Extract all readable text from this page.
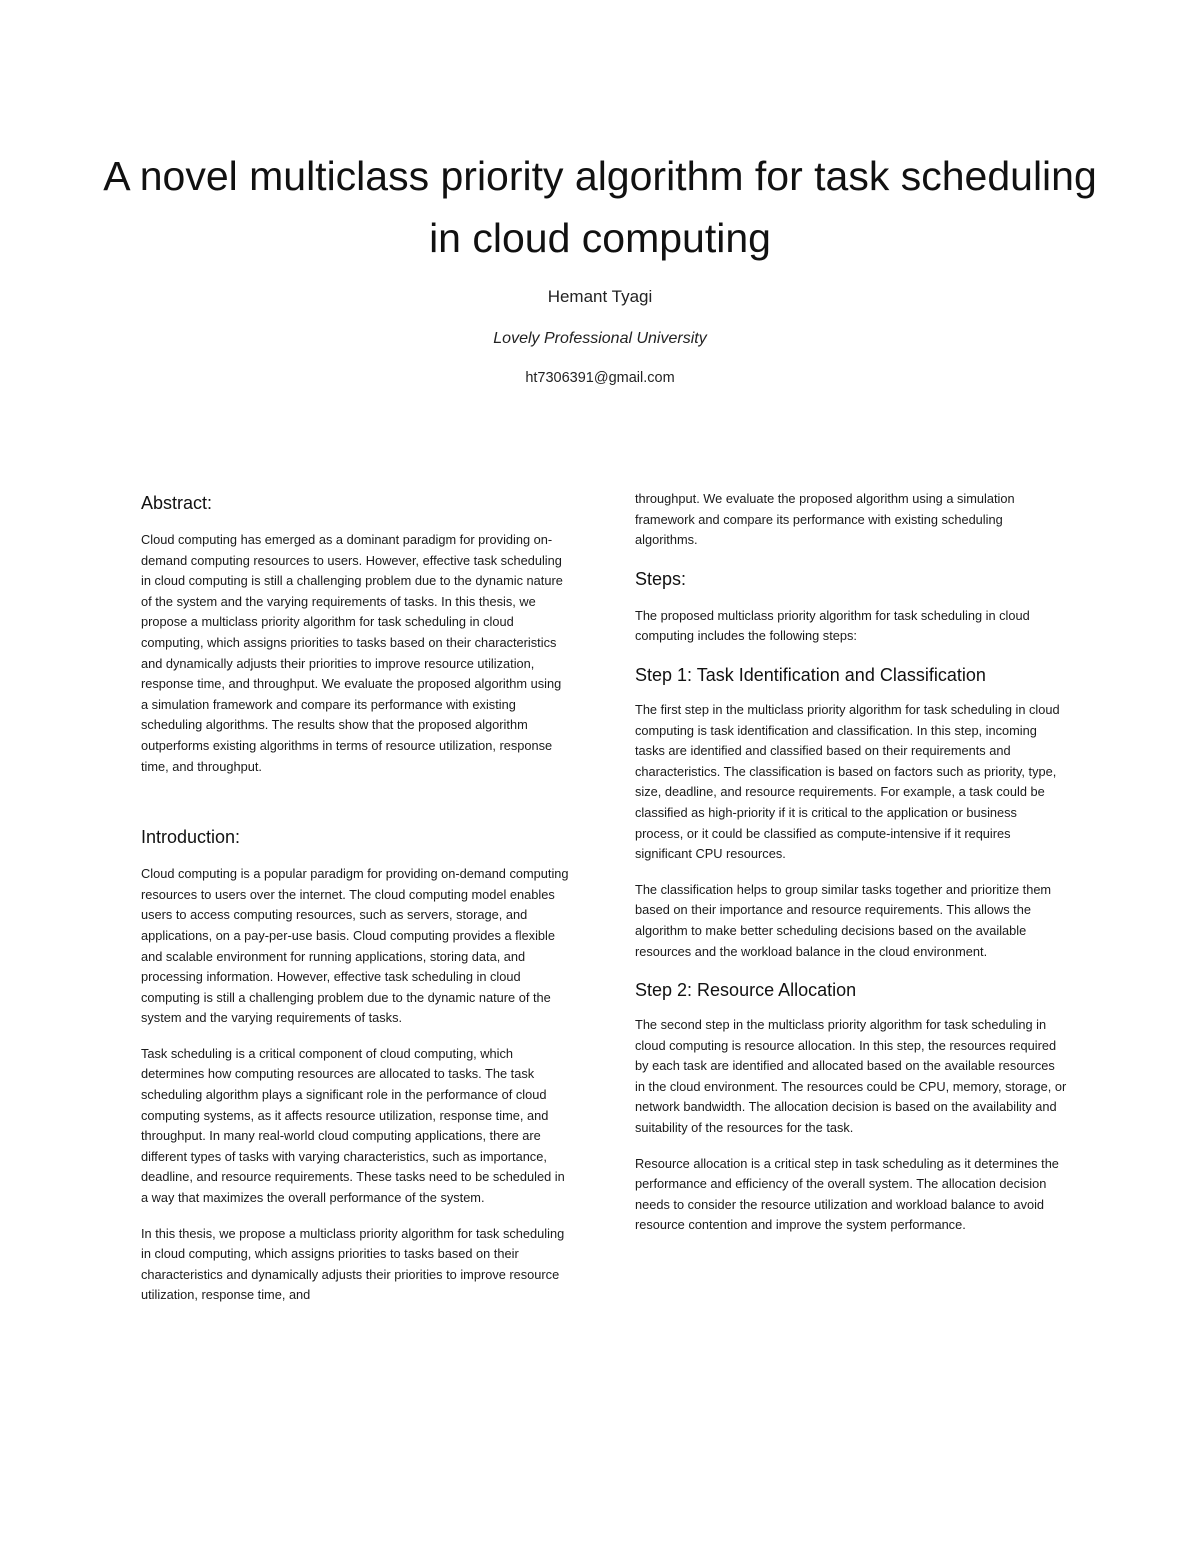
A novel multiclass priority algorithm for task scheduling in cloud computing
Hemant Tyagi
Lovely Professional University
ht7306391@gmail.com
Abstract:

Cloud computing has emerged as a dominant paradigm for providing on-demand computing resources to users. However, effective task scheduling in cloud computing is still a challenging problem due to the dynamic nature of the system and the varying requirements of tasks. In this thesis, we propose a multiclass priority algorithm for task scheduling in cloud computing, which assigns priorities to tasks based on their characteristics and dynamically adjusts their priorities to improve resource utilization, response time, and throughput. We evaluate the proposed algorithm using a simulation framework and compare its performance with existing scheduling algorithms. The results show that the proposed algorithm outperforms existing algorithms in terms of resource utilization, response time, and throughput.

Introduction:

Cloud computing is a popular paradigm for providing on-demand computing resources to users over the internet. The cloud computing model enables users to access computing resources, such as servers, storage, and applications, on a pay-per-use basis. Cloud computing provides a flexible and scalable environment for running applications, storing data, and processing information. However, effective task scheduling in cloud computing is still a challenging problem due to the dynamic nature of the system and the varying requirements of tasks.

Task scheduling is a critical component of cloud computing, which determines how computing resources are allocated to tasks. The task scheduling algorithm plays a significant role in the performance of cloud computing systems, as it affects resource utilization, response time, and throughput. In many real-world cloud computing applications, there are different types of tasks with varying characteristics, such as importance, deadline, and resource requirements. These tasks need to be scheduled in a way that maximizes the overall performance of the system.

In this thesis, we propose a multiclass priority algorithm for task scheduling in cloud computing, which assigns priorities to tasks based on their characteristics and dynamically adjusts their priorities to improve resource utilization, response time, and

throughput. We evaluate the proposed algorithm using a simulation framework and compare its performance with existing scheduling algorithms.

Steps:

The proposed multiclass priority algorithm for task scheduling in cloud computing includes the following steps:

Step 1: Task Identification and Classification

The first step in the multiclass priority algorithm for task scheduling in cloud computing is task identification and classification. In this step, incoming tasks are identified and classified based on their requirements and characteristics. The classification is based on factors such as priority, type, size, deadline, and resource requirements. For example, a task could be classified as high-priority if it is critical to the application or business process, or it could be classified as compute-intensive if it requires significant CPU resources.

The classification helps to group similar tasks together and prioritize them based on their importance and resource requirements. This allows the algorithm to make better scheduling decisions based on the available resources and the workload balance in the cloud environment.

Step 2: Resource Allocation

The second step in the multiclass priority algorithm for task scheduling in cloud computing is resource allocation. In this step, the resources required by each task are identified and allocated based on the available resources in the cloud environment. The resources could be CPU, memory, storage, or network bandwidth. The allocation decision is based on the availability and suitability of the resources for the task.

Resource allocation is a critical step in task scheduling as it determines the performance and efficiency of the overall system. The allocation decision needs to consider the resource utilization and workload balance to avoid resource contention and improve the system performance.
